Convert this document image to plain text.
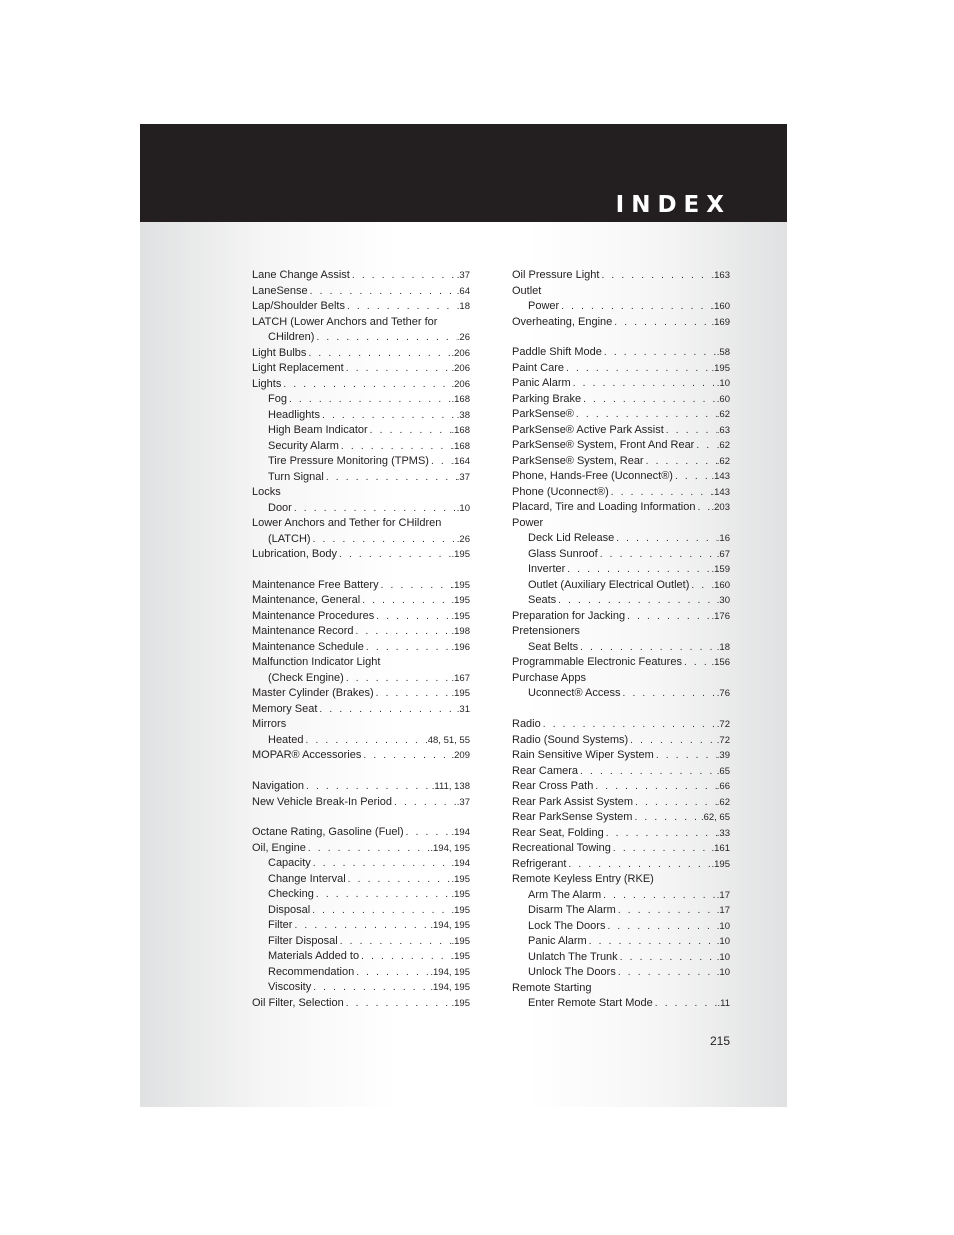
INDEX
Lane Change Assist . . .	.37
LaneSense . . .	.64
Lap/Shoulder Belts . . .	.18
LATCH (Lower Anchors and Tether for
CHildren) . . .	.26
Light Bulbs . . .	.206
Light Replacement . . .	.206
Lights . . .	.206
Fog . . .	.168
Headlights . . .	.38
High Beam Indicator . . .	.168
Security Alarm . . .	.168
Tire Pressure Monitoring (TPMS) . . . .164
Turn Signal . . .	.37
Locks
Door . . .	.10
Lower Anchors and Tether for CHildren
(LATCH) . . .	.26
Lubrication, Body . . .	.195
Maintenance Free Battery . . .	.195
Maintenance, General . . .	.195
Maintenance Procedures . . .	.195
Maintenance Record . . .	.198
Maintenance Schedule . . .	.196
Malfunction Indicator Light
(Check Engine) . . .	.167
Master Cylinder (Brakes) . . .	.195
Memory Seat . . .	.31
Mirrors
Heated . . .	.48, 51, 55
MOPAR® Accessories . . .	.209
Navigation . . .	.111, 138
New Vehicle Break-In Period . . .	.37
Octane Rating, Gasoline (Fuel) . . .	.194
Oil, Engine . . .	.194, 195
Capacity . . .	.194
Change Interval . . .	.195
Checking . . .	.195
Disposal . . .	.195
Filter . . .	.194, 195
Filter Disposal . . .	.195
Materials Added to . . .	.195
Recommendation . . .	.194, 195
Viscosity . . .	.194, 195
Oil Filter, Selection . . .	.195
Oil Pressure Light . . .	.163
Outlet
Power . . .	.160
Overheating, Engine . . .	.169
Paddle Shift Mode . . .	.58
Paint Care . . .	.195
Panic Alarm . . .	.10
Parking Brake . . .	.60
ParkSense® . . .	.62
ParkSense® Active Park Assist . . .	.63
ParkSense® System, Front And Rear . . . .62
ParkSense® System, Rear . . .	.62
Phone, Hands-Free (Uconnect®) . . .	.143
Phone (Uconnect®) . . .	.143
Placard, Tire and Loading Information . . . .203
Power
Deck Lid Release . . .	.16
Glass Sunroof . . .	.67
Inverter . . .	.159
Outlet (Auxiliary Electrical Outlet) . . . .160
Seats . . .	.30
Preparation for Jacking . . .	.176
Pretensioners
Seat Belts . . .	.18
Programmable Electronic Features . . .	.156
Purchase Apps
Uconnect® Access . . .	.76
Radio . . .	.72
Radio (Sound Systems) . . .	.72
Rain Sensitive Wiper System . . .	.39
Rear Camera . . .	.65
Rear Cross Path . . .	.66
Rear Park Assist System . . .	.62
Rear ParkSense System . . .	.62, 65
Rear Seat, Folding . . .	.33
Recreational Towing . . .	.161
Refrigerant . . .	.195
Remote Keyless Entry (RKE)
Arm The Alarm . . .	.17
Disarm The Alarm . . .	.17
Lock The Doors . . .	.10
Panic Alarm . . .	.10
Unlatch The Trunk . . .	.10
Unlock The Doors . . .	.10
Remote Starting
Enter Remote Start Mode . . .	.11
215
